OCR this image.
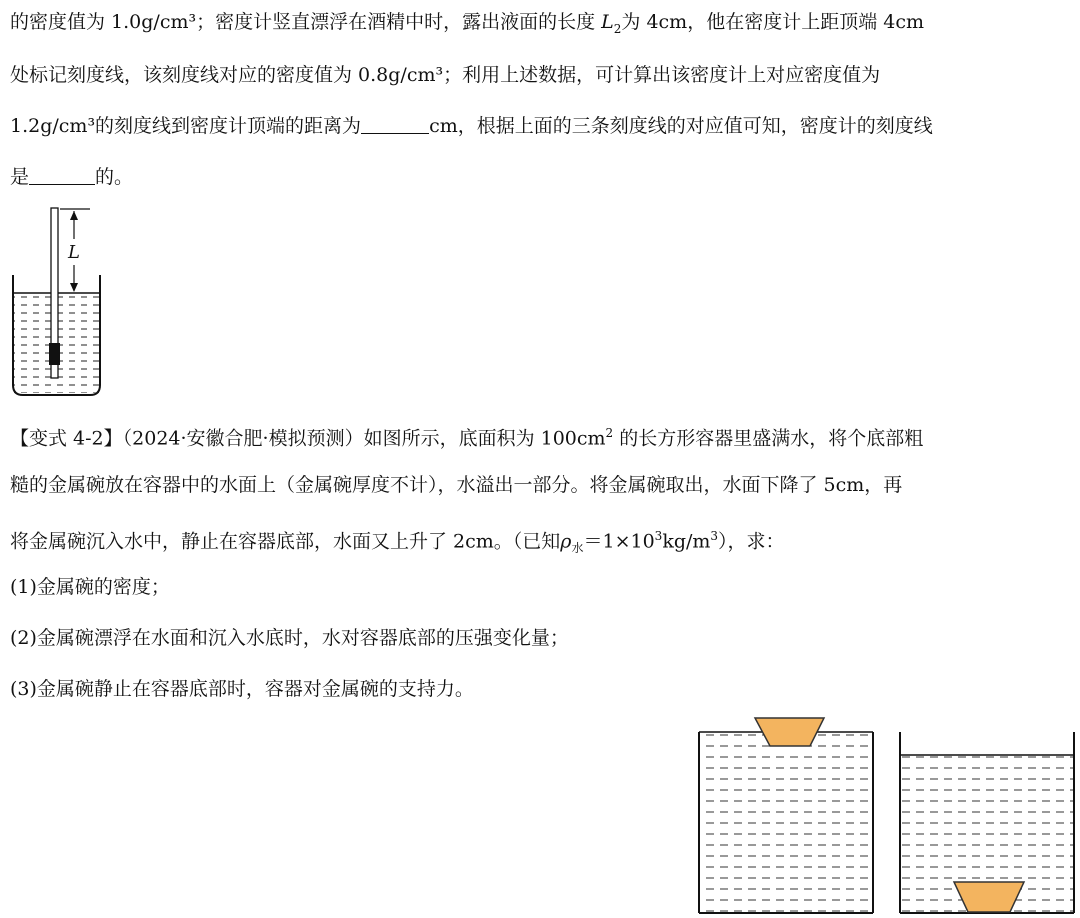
的密度值为 1.0g/cm³；密度计竖直漂浮在酒精中时，露出液面的长度 $L_2$为 4cm，他在密度计上距顶端 4cm
处标记刻度线，该刻度线对应的密度值为 0.8g/cm³；利用上述数据，可计算出该密度计上对应密度值为
1.2g/cm³的刻度线到密度计顶端的距离为	cm，根据上面的三条刻度线的对应值可知，密度计的刻度线
是	的。
L
【变式 4-2】（2024·安徽合肥·模拟预测）如图所示，底面积为 $100cm^2$ 的长方形容器里盛满水，将个底部粗
糙的金属碗放在容器中的水面上（金属碗厚度不计），水溢出一部分。将金属碗取出，水面下降了 5cm，再
将金属碗沉入水中，静止在容器底部，水面又上升了 2cm。（已知$\rho_水=1\times 10^3kg/m^3$），求：
(1)金属碗的密度；
(2)金属碗漂浮在水面和沉入水底时，水对容器底部的压强变化量；
(3)金属碗静止在容器底部时，容器对金属碗的支持力。
